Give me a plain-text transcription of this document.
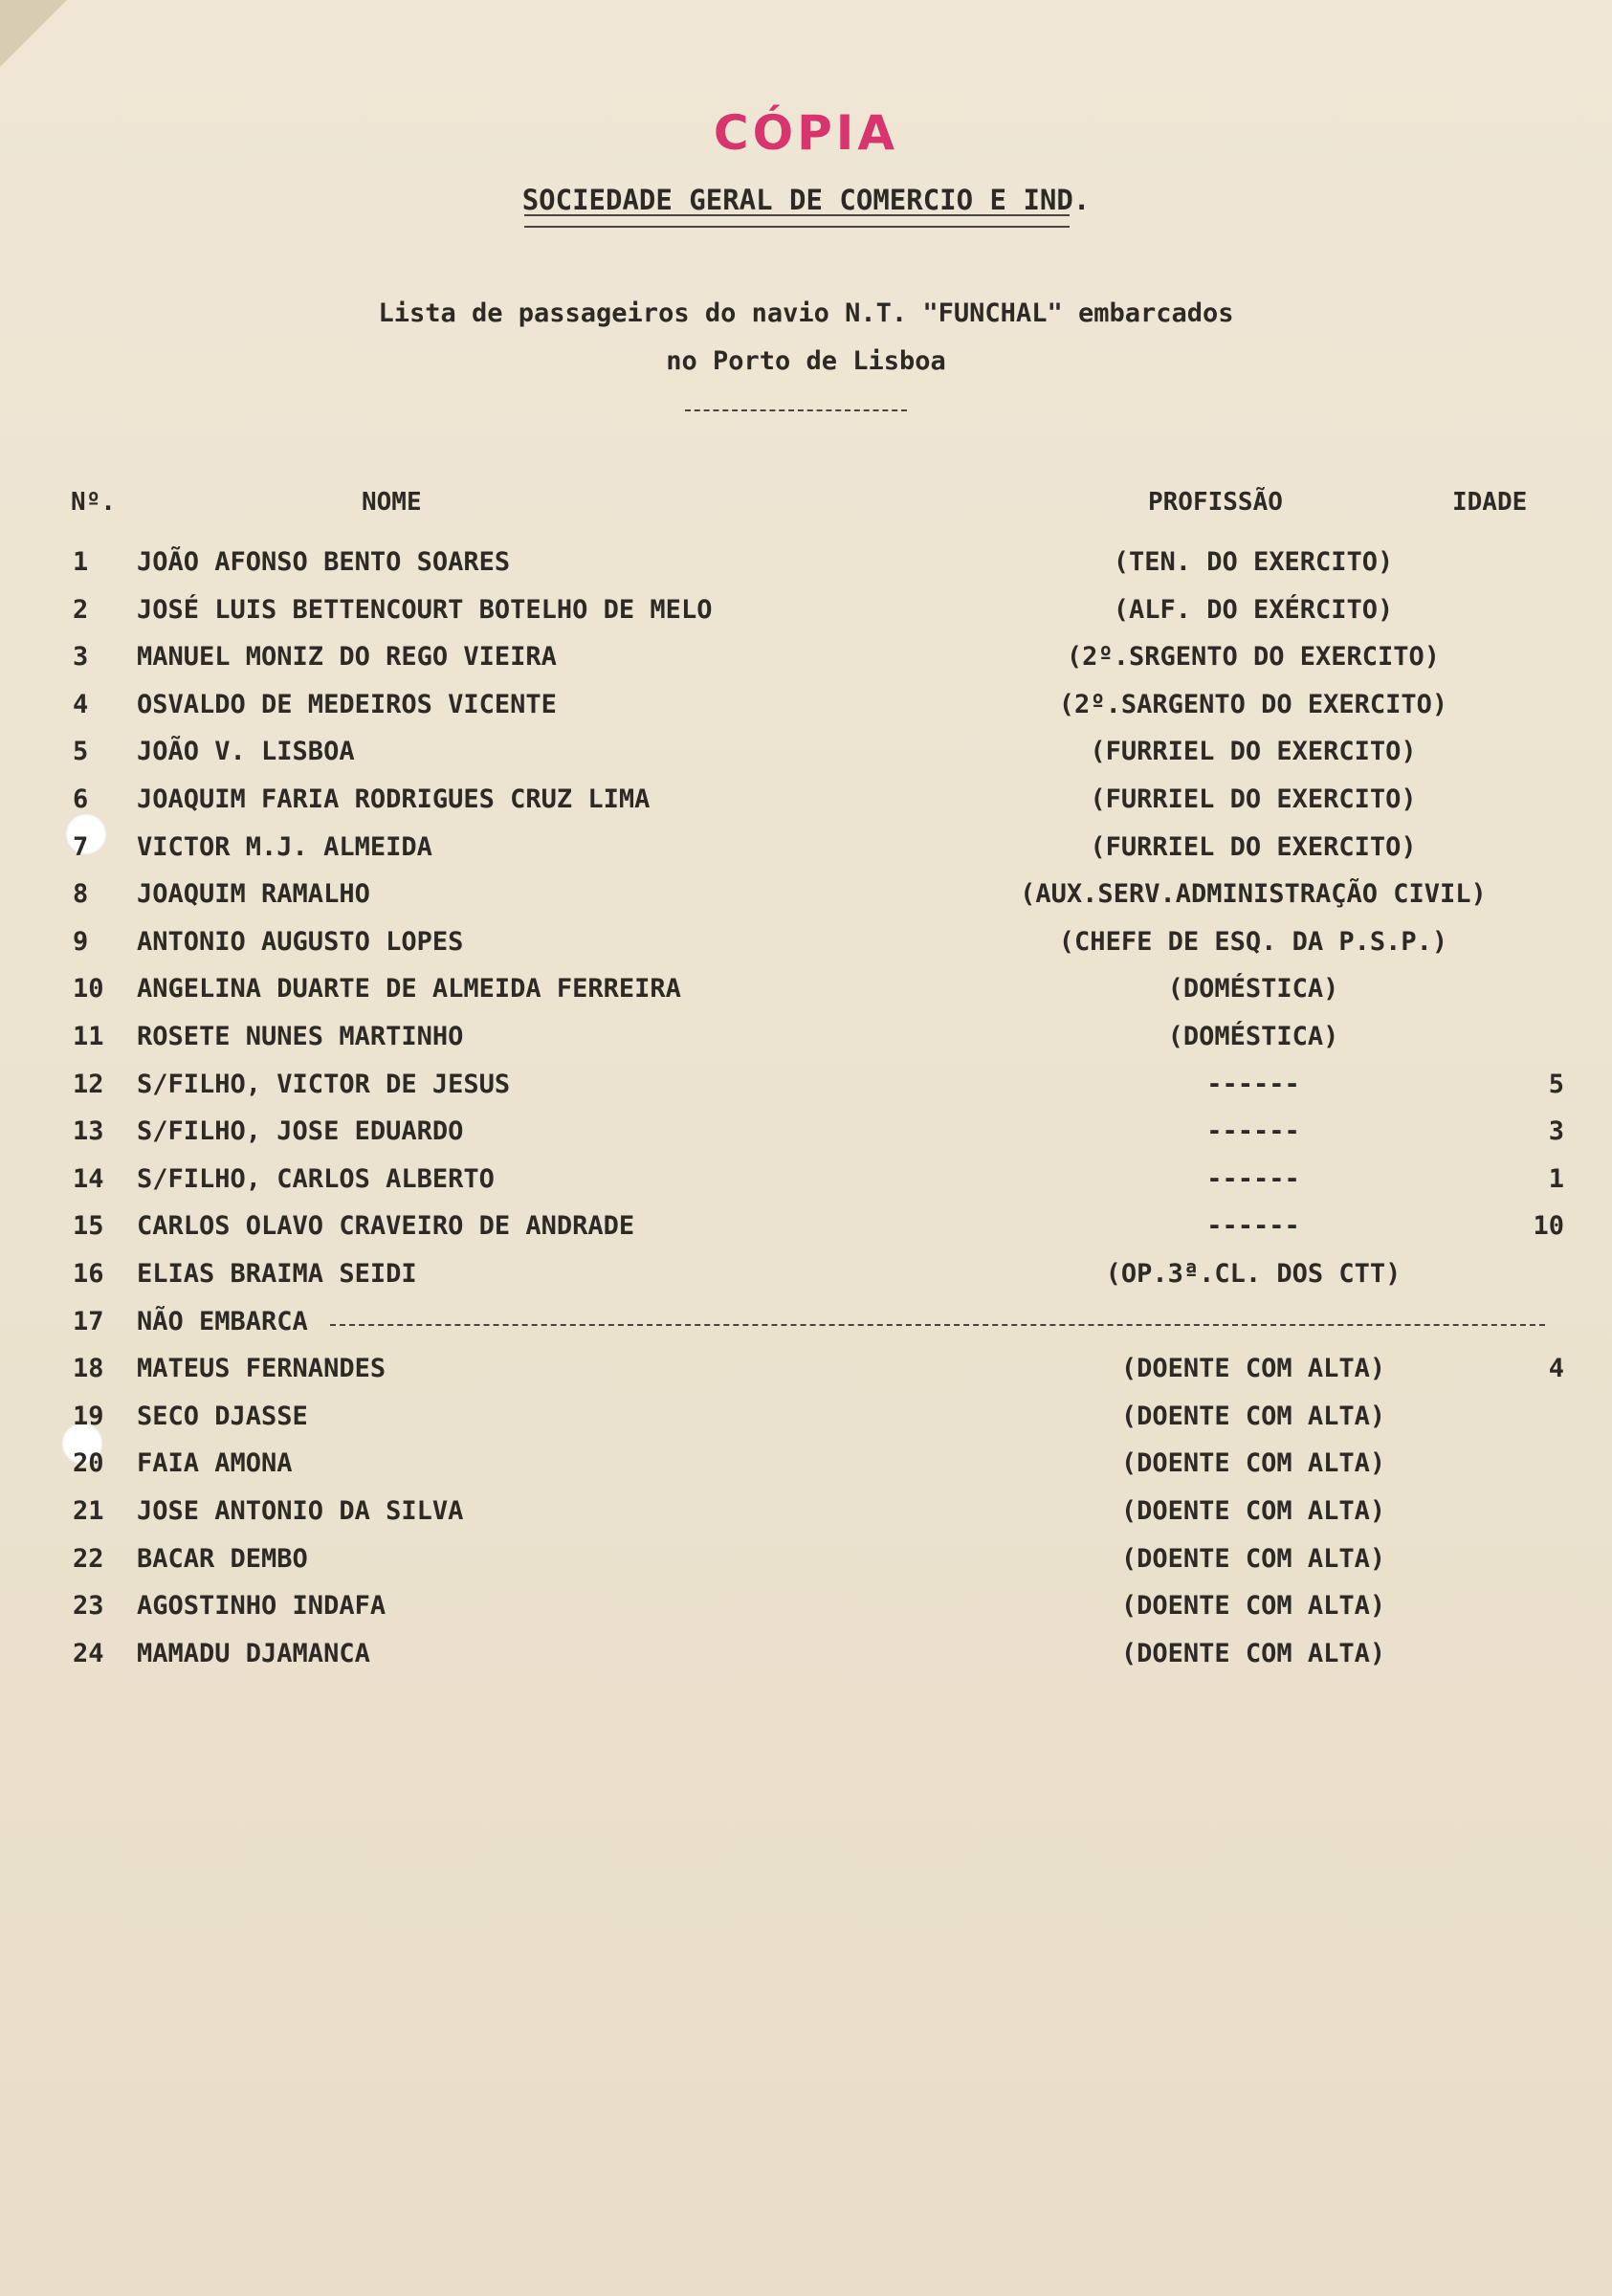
CÓPIA
SOCIEDADE GERAL DE COMERCIO E IND.
Lista de passageiros do navio N.T. "FUNCHAL" embarcados
no Porto de Lisboa
Nº.	NOME	PROFISSÃO	IDADE
1	JOÃO AFONSO BENTO SOARES	(TEN. DO EXERCITO)
2	JOSÉ LUIS BETTENCOURT BOTELHO DE MELO	(ALF. DO EXÉRCITO)
3	MANUEL MONIZ DO REGO VIEIRA	(2º.SRGENTO DO EXERCITO)
4	OSVALDO DE MEDEIROS VICENTE	(2º.SARGENTO DO EXERCITO)
5	JOÃO V. LISBOA	(FURRIEL DO EXERCITO)
6	JOAQUIM FARIA RODRIGUES CRUZ LIMA	(FURRIEL DO EXERCITO)
7	VICTOR M.J. ALMEIDA	(FURRIEL DO EXERCITO)
8	JOAQUIM RAMALHO	(AUX.SERV.ADMINISTRAÇÃO CIVIL)
9	ANTONIO AUGUSTO LOPES	(CHEFE DE ESQ. DA P.S.P.)
10	ANGELINA DUARTE DE ALMEIDA FERREIRA	(DOMÉSTICA)
11	ROSETE NUNES MARTINHO	(DOMÉSTICA)
12	S/FILHO, VICTOR DE JESUS	------	5
13	S/FILHO, JOSE EDUARDO	------	3
14	S/FILHO, CARLOS ALBERTO	------	1
15	CARLOS OLAVO CRAVEIRO DE ANDRADE	------	10
16	ELIAS BRAIMA SEIDI	(OP.3ª.CL. DOS CTT)
17	NÃO EMBARCA
18	MATEUS FERNANDES	(DOENTE COM ALTA)	4
19	SECO DJASSE	(DOENTE COM ALTA)
20	FAIA AMONA	(DOENTE COM ALTA)
21	JOSE ANTONIO DA SILVA	(DOENTE COM ALTA)
22	BACAR DEMBO	(DOENTE COM ALTA)
23	AGOSTINHO INDAFA	(DOENTE COM ALTA)
24	MAMADU DJAMANCA	(DOENTE COM ALTA)
